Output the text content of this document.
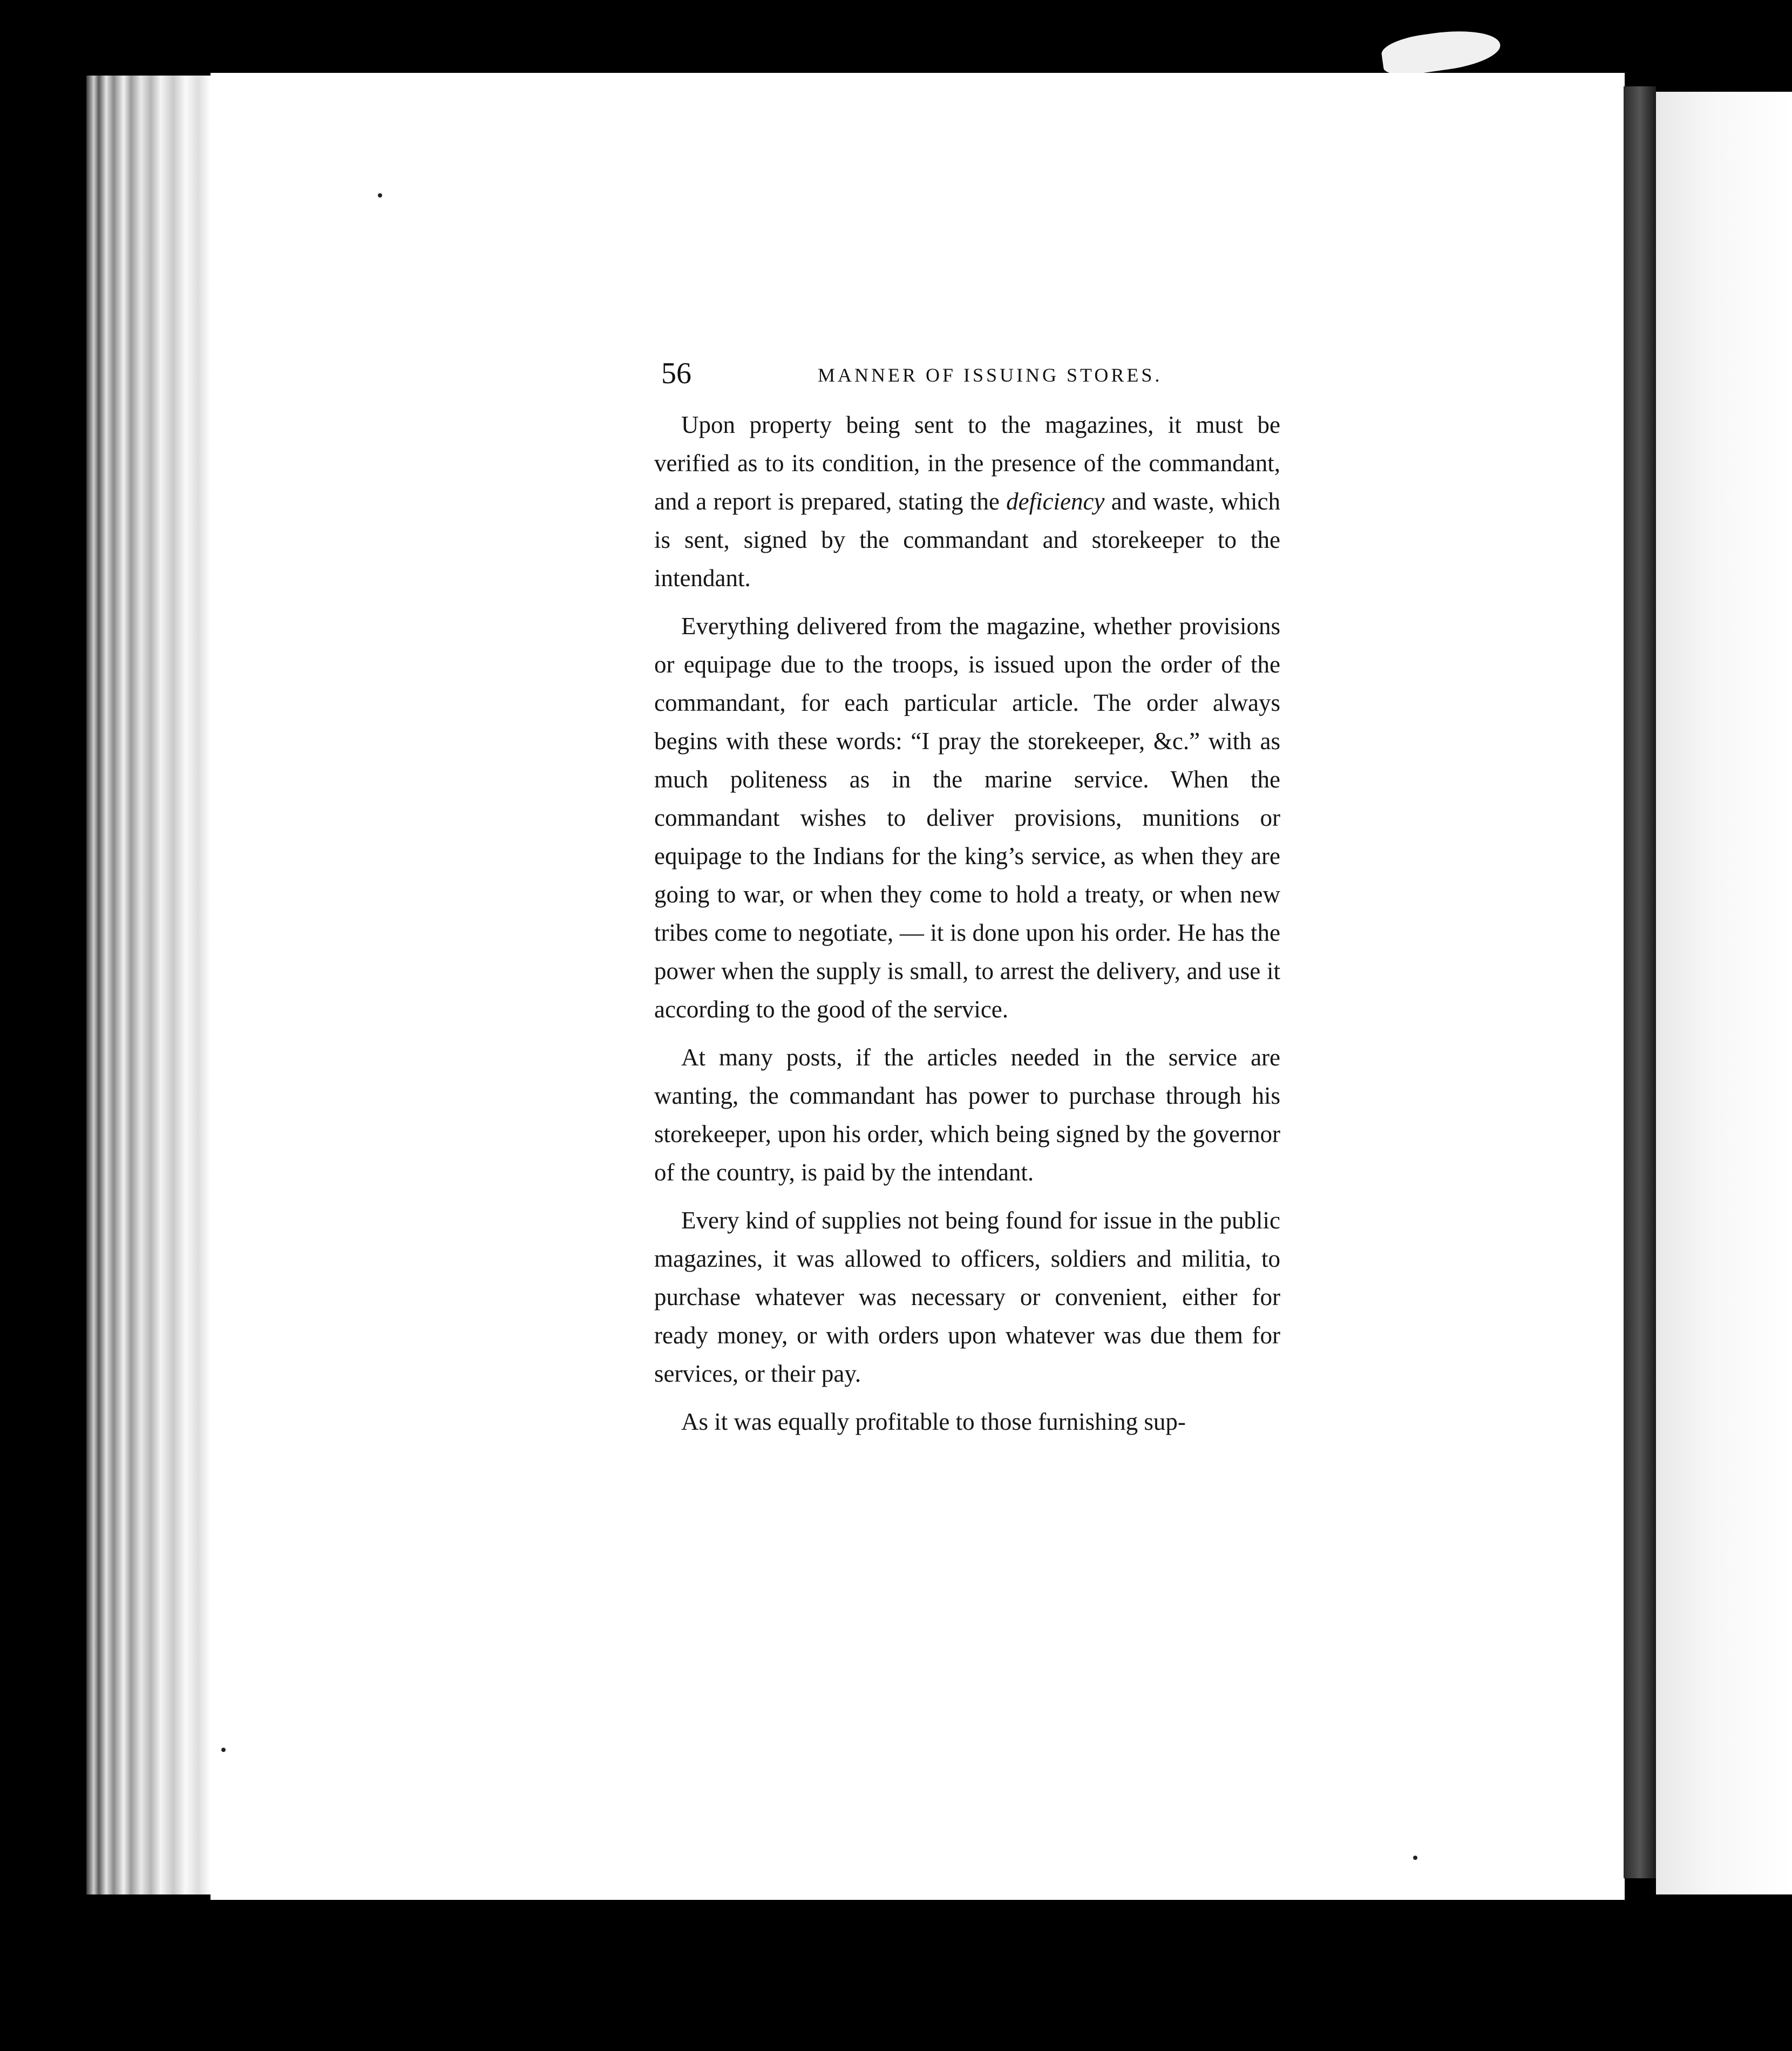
56	MANNER OF ISSUING STORES.

Upon property being sent to the magazines, it must be verified as to its condition, in the presence of the commandant, and a report is prepared, stating the deficiency and waste, which is sent, signed by the commandant and storekeeper to the intendant.

Everything delivered from the magazine, whether provisions or equipage due to the troops, is issued upon the order of the commandant, for each particular article. The order always begins with these words: “I pray the storekeeper, &c.” with as much politeness as in the marine service. When the commandant wishes to deliver provisions, munitions or equipage to the Indians for the king’s service, as when they are going to war, or when they come to hold a treaty, or when new tribes come to negotiate, — it is done upon his order. He has the power when the supply is small, to arrest the delivery, and use it according to the good of the service.

At many posts, if the articles needed in the service are wanting, the commandant has power to purchase through his storekeeper, upon his order, which being signed by the governor of the country, is paid by the intendant.

Every kind of supplies not being found for issue in the public magazines, it was allowed to officers, soldiers and militia, to purchase whatever was necessary or convenient, either for ready money, or with orders upon whatever was due them for services, or their pay.

As it was equally profitable to those furnishing sup-
